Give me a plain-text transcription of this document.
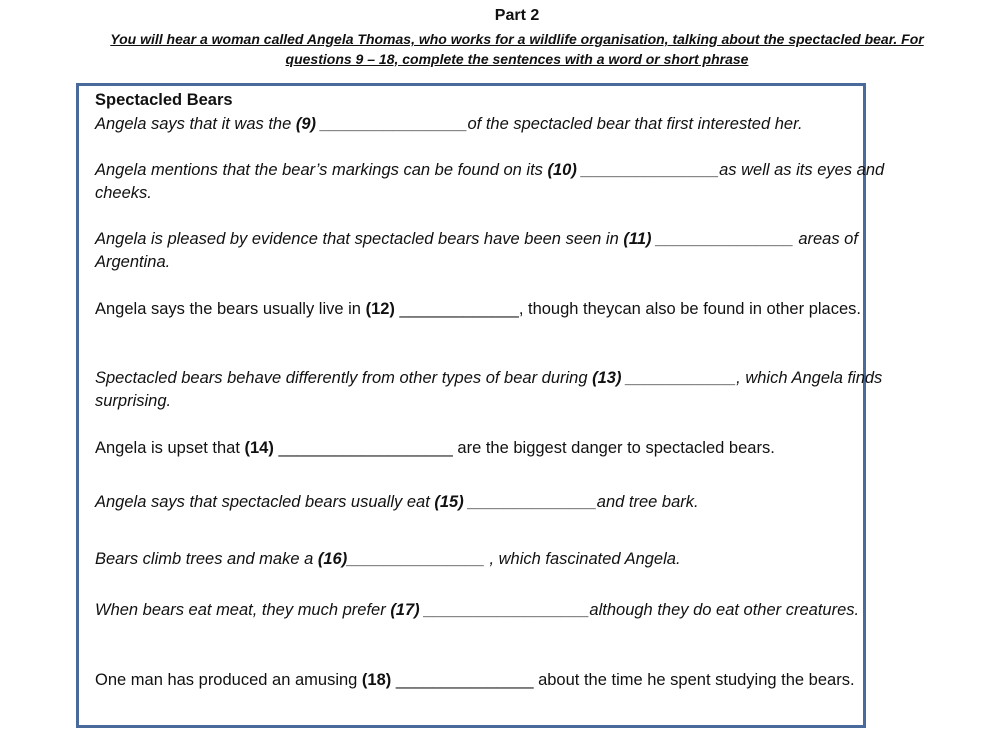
Part 2
You will hear a woman called Angela Thomas, who works for a wildlife organisation, talking about the spectacled bear. For questions 9 – 18, complete the sentences with a word or short phrase
Spectacled Bears
Angela says that it was the (9) ________________of the spectacled bear that first interested her.
Angela mentions that the bear’s markings can be found on its (10) _______________as well as its eyes and cheeks.
Angela is pleased by evidence that spectacled bears have been seen in (11) _______________ areas of Argentina.
Angela says the bears usually live in (12) _____________, though theycan also be found in other places.
Spectacled bears behave differently from other types of bear during (13) ____________, which Angela finds surprising.
Angela is upset that (14) ___________________ are the biggest danger to spectacled bears.
Angela says that spectacled bears usually eat (15) ______________and tree bark.
Bears climb trees and make a (16)_______________ , which fascinated Angela.
When bears eat meat, they much prefer (17) __________________although they do eat other creatures.
One man has produced an amusing (18) _______________ about the time he spent studying the bears.
